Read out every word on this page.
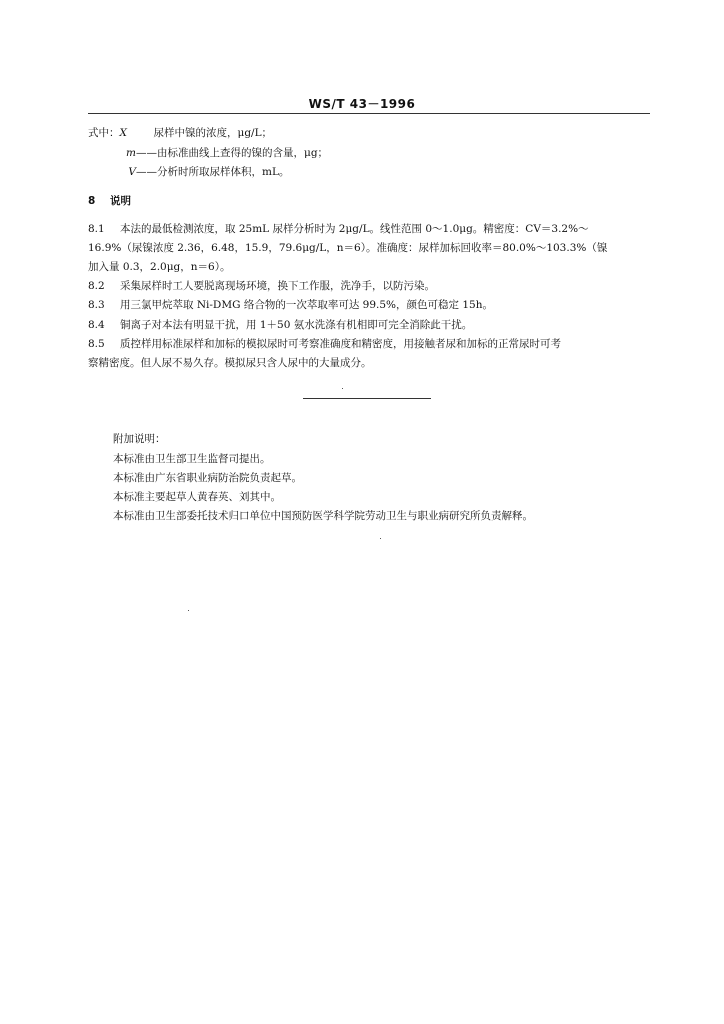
WS/T 43－1996
式中：X	尿样中镍的浓度，μg/L；
m——由标准曲线上查得的镍的含量，μg；
V——分析时所取尿样体积，mL。
8 说明
8.1 本法的最低检测浓度，取 25mL 尿样分析时为 2μg/L。线性范围 0～1.0μg。精密度：CV＝3.2%～
16.9%（尿镍浓度 2.36，6.48，15.9，79.6μg/L，n＝6）。准确度：尿样加标回收率＝80.0%～103.3%（镍
加入量 0.3，2.0μg，n＝6）。
8.2 采集尿样时工人要脱离现场环境，换下工作服，洗净手，以防污染。
8.3 用三氯甲烷萃取 Ni-DMG 络合物的一次萃取率可达 99.5%，颜色可稳定 15h。
8.4 铜离子对本法有明显干扰，用 1＋50 氨水洗涤有机相即可完全消除此干扰。
8.5 质控样用标准尿样和加标的模拟尿时可考察准确度和精密度，用接触者尿和加标的正常尿时可考
察精密度。但人尿不易久存。模拟尿只含人尿中的大量成分。
附加说明：
本标准由卫生部卫生监督司提出。
本标准由广东省职业病防治院负责起草。
本标准主要起草人黄春英、刘其中。
本标准由卫生部委托技术归口单位中国预防医学科学院劳动卫生与职业病研究所负责解释。
